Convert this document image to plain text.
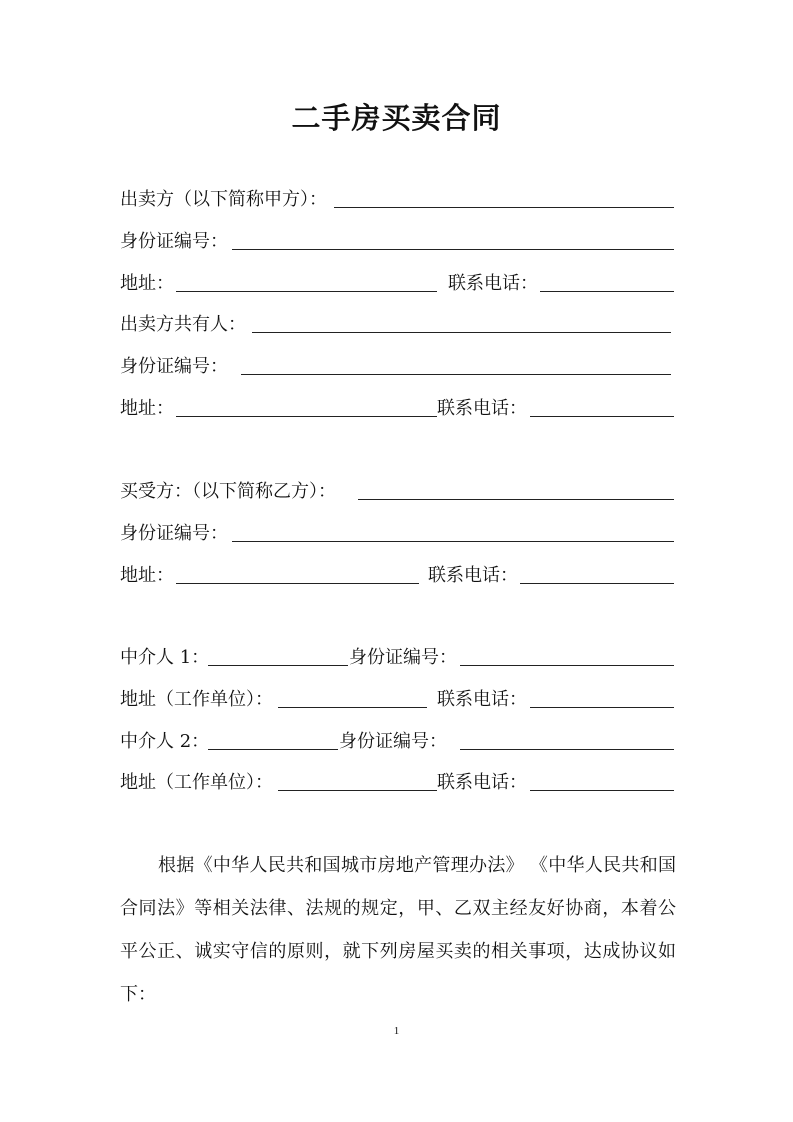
二手房买卖合同
出卖方（以下简称甲方）：
身份证编号：
地址：	联系电话：
出卖方共有人：
身份证编号：
地址：	联系电话：
买受方：（以下简称乙方）：
身份证编号：
地址：	联系电话：
中介人 1：	身份证编号：
地址（工作单位）：	联系电话：
中介人 2：	身份证编号：
地址（工作单位）：	联系电话：

根据《中华人民共和国城市房地产管理办法》 《中华人民共和国合同法》等相关法律、法规的规定，甲、乙双主经友好协商，本着公平公正、诚实守信的原则，就下列房屋买卖的相关事项，达成协议如下：

1
